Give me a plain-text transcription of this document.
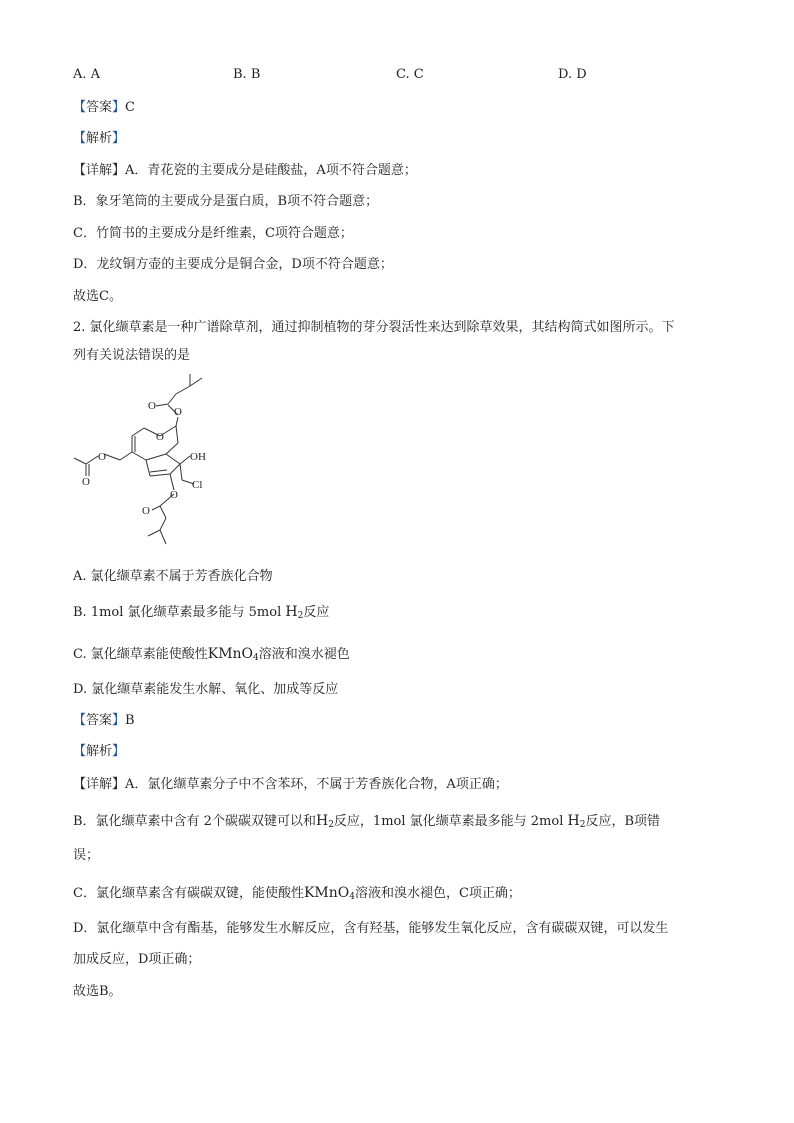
A. A	B. B	C. C	D. D
【答案】C
【解析】
【详解】A．青花瓷的主要成分是硅酸盐，A项不符合题意；
B．象牙笔筒的主要成分是蛋白质，B项不符合题意；
C．竹简书的主要成分是纤维素，C项符合题意；
D．龙纹铜方壶的主要成分是铜合金，D项不符合题意；
故选C。
2. 氯化缬草素是一种广谱除草剂，通过抑制植物的芽分裂活性来达到除草效果，其结构简式如图所示。下
列有关说法错误的是
O O
O
OH
Cl
O
O
O
O
A. 氯化缬草素不属于芳香族化合物
B. 1mol 氯化缬草素最多能与 5mol $H_2$反应
C. 氯化缬草素能使酸性KMnO$_4$溶液和溴水褪色
D. 氯化缬草素能发生水解、氧化、加成等反应
【答案】B
【解析】
【详解】A．氯化缬草素分子中不含苯环，不属于芳香族化合物，A项正确；
B．氯化缬草素中含有 2个碳碳双键可以和$H_2$反应，1mol 氯化缬草素最多能与 2mol $H_2$反应，B项错
误；
C．氯化缬草素含有碳碳双键，能使酸性KMnO$_4$溶液和溴水褪色，C项正确；
D．氯化缬草中含有酯基，能够发生水解反应，含有羟基，能够发生氧化反应，含有碳碳双键，可以发生
加成反应，D项正确；
故选B。
